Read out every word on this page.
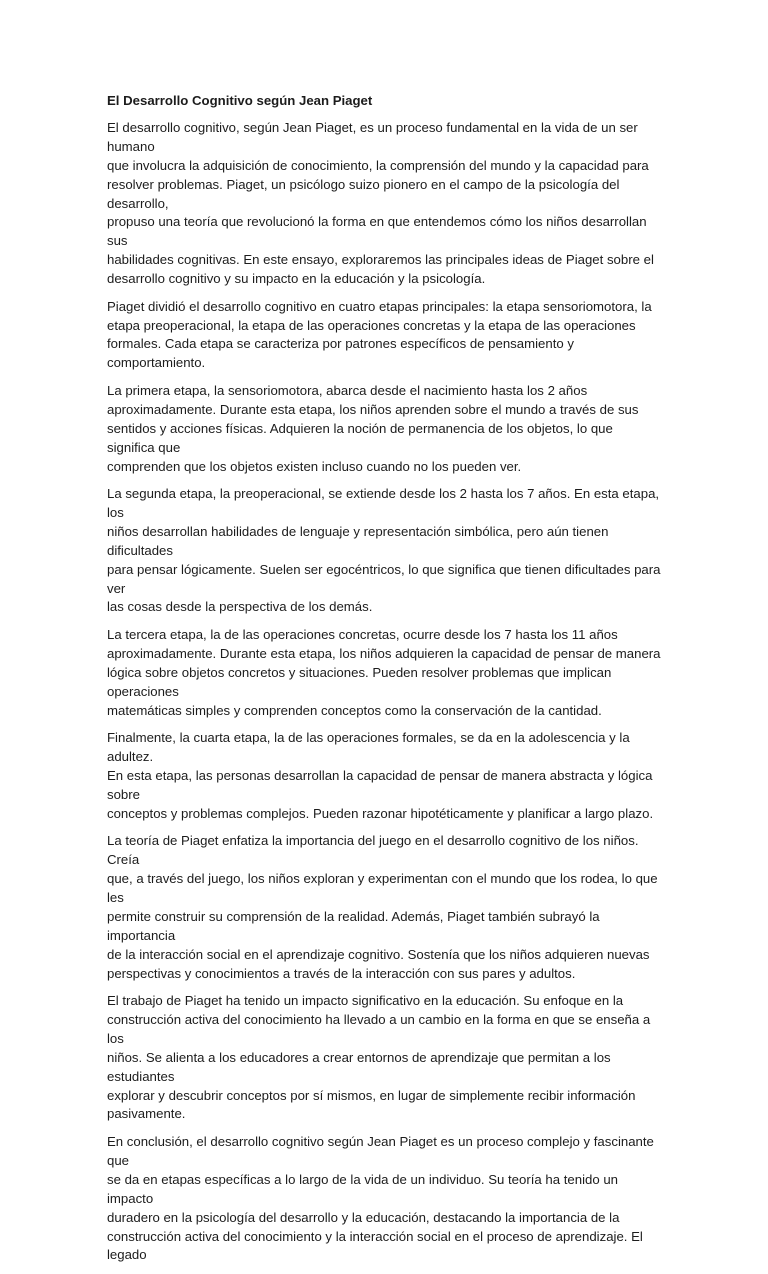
El Desarrollo Cognitivo según Jean Piaget

El desarrollo cognitivo, según Jean Piaget, es un proceso fundamental en la vida de un ser humano
que involucra la adquisición de conocimiento, la comprensión del mundo y la capacidad para
resolver problemas. Piaget, un psicólogo suizo pionero en el campo de la psicología del desarrollo,
propuso una teoría que revolucionó la forma en que entendemos cómo los niños desarrollan sus
habilidades cognitivas. En este ensayo, exploraremos las principales ideas de Piaget sobre el
desarrollo cognitivo y su impacto en la educación y la psicología.

Piaget dividió el desarrollo cognitivo en cuatro etapas principales: la etapa sensoriomotora, la
etapa preoperacional, la etapa de las operaciones concretas y la etapa de las operaciones
formales. Cada etapa se caracteriza por patrones específicos de pensamiento y comportamiento.

La primera etapa, la sensoriomotora, abarca desde el nacimiento hasta los 2 años
aproximadamente. Durante esta etapa, los niños aprenden sobre el mundo a través de sus
sentidos y acciones físicas. Adquieren la noción de permanencia de los objetos, lo que significa que
comprenden que los objetos existen incluso cuando no los pueden ver.

La segunda etapa, la preoperacional, se extiende desde los 2 hasta los 7 años. En esta etapa, los
niños desarrollan habilidades de lenguaje y representación simbólica, pero aún tienen dificultades
para pensar lógicamente. Suelen ser egocéntricos, lo que significa que tienen dificultades para ver
las cosas desde la perspectiva de los demás.

La tercera etapa, la de las operaciones concretas, ocurre desde los 7 hasta los 11 años
aproximadamente. Durante esta etapa, los niños adquieren la capacidad de pensar de manera
lógica sobre objetos concretos y situaciones. Pueden resolver problemas que implican operaciones
matemáticas simples y comprenden conceptos como la conservación de la cantidad.

Finalmente, la cuarta etapa, la de las operaciones formales, se da en la adolescencia y la adultez.
En esta etapa, las personas desarrollan la capacidad de pensar de manera abstracta y lógica sobre
conceptos y problemas complejos. Pueden razonar hipotéticamente y planificar a largo plazo.

La teoría de Piaget enfatiza la importancia del juego en el desarrollo cognitivo de los niños. Creía
que, a través del juego, los niños exploran y experimentan con el mundo que los rodea, lo que les
permite construir su comprensión de la realidad. Además, Piaget también subrayó la importancia
de la interacción social en el aprendizaje cognitivo. Sostenía que los niños adquieren nuevas
perspectivas y conocimientos a través de la interacción con sus pares y adultos.

El trabajo de Piaget ha tenido un impacto significativo en la educación. Su enfoque en la
construcción activa del conocimiento ha llevado a un cambio en la forma en que se enseña a los
niños. Se alienta a los educadores a crear entornos de aprendizaje que permitan a los estudiantes
explorar y descubrir conceptos por sí mismos, en lugar de simplemente recibir información
pasivamente.

En conclusión, el desarrollo cognitivo según Jean Piaget es un proceso complejo y fascinante que
se da en etapas específicas a lo largo de la vida de un individuo. Su teoría ha tenido un impacto
duradero en la psicología del desarrollo y la educación, destacando la importancia de la
construcción activa del conocimiento y la interacción social en el proceso de aprendizaje. El legado
